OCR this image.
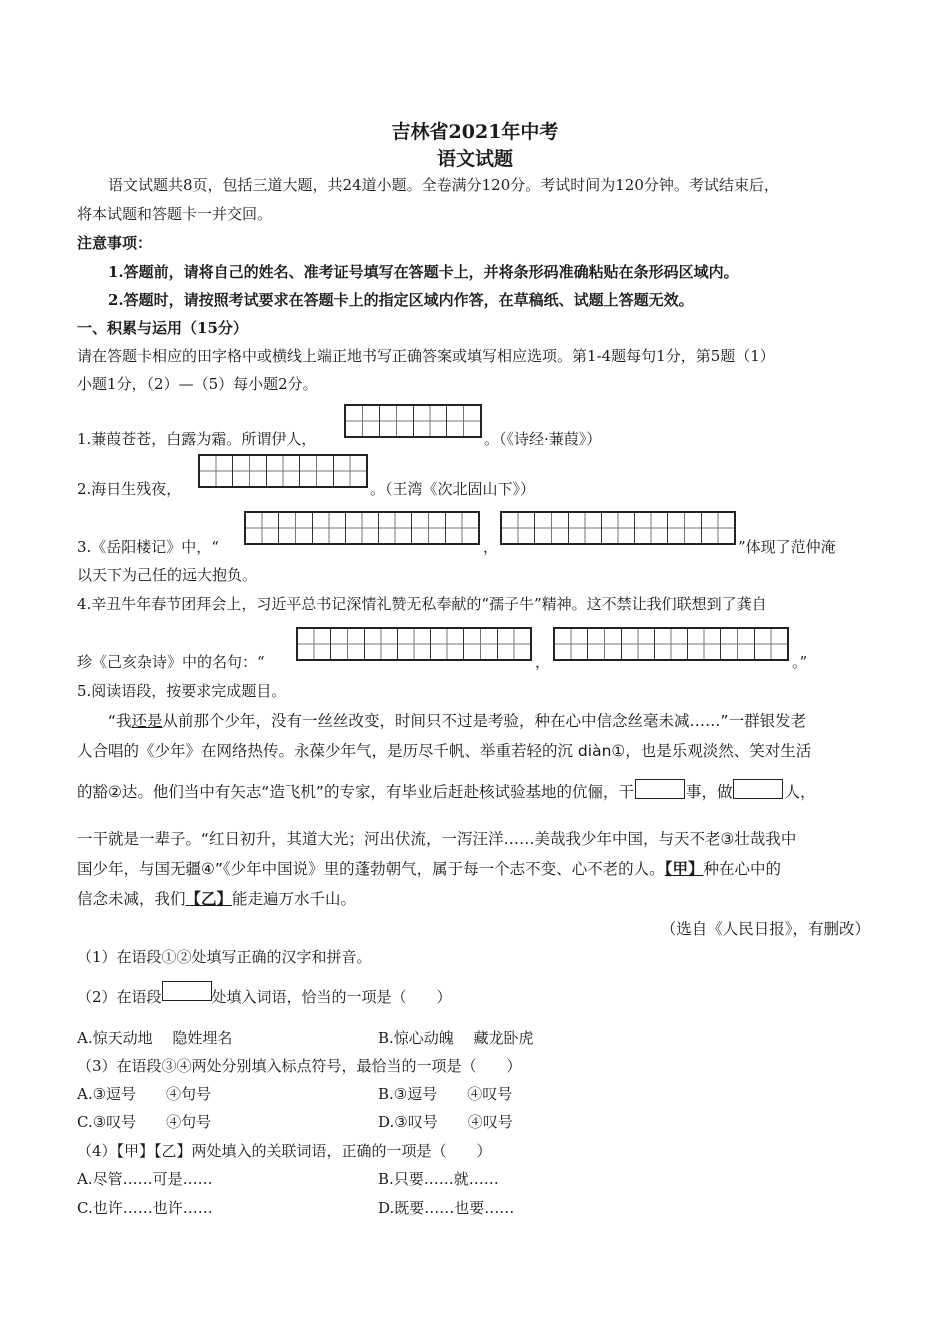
吉林省2021年中考
语文试题
语文试题共8页，包括三道大题，共24道小题。全卷满分120分。考试时间为120分钟。考试结束后，
将本试题和答题卡一并交回。
注意事项：
1.答题前，请将自己的姓名、准考证号填写在答题卡上，并将条形码准确粘贴在条形码区域内。
2.答题时，请按照考试要求在答题卡上的指定区域内作答，在草稿纸、试题上答题无效。
一、积累与运用（15分）
请在答题卡相应的田字格中或横线上端正地书写正确答案或填写相应选项。第1-4题每句1分，第5题（1）
小题1分，（2）—（5）每小题2分。
1.蒹葭苍苍，白露为霜。所谓伊人，	。（《诗经·蒹葭》）
2.海日生残夜，	。（王湾《次北固山下》）
3.《岳阳楼记》中，“	，	”体现了范仲淹
以天下为己任的远大抱负。
4.辛丑牛年春节团拜会上，习近平总书记深情礼赞无私奉献的“孺子牛”精神。这不禁让我们联想到了龚自
珍《己亥杂诗》中的名句：“	，	。”
5.阅读语段，按要求完成题目。
“我还是从前那个少年，没有一丝丝改变，时间只不过是考验，种在心中信念丝毫未减……”一群银发老
人合唱的《少年》在网络热传。永葆少年气，是历尽千帆、举重若轻的沉 diàn①，也是乐观淡然、笑对生活
的豁②达。他们当中有矢志“造飞机”的专家，有毕业后赶赴核试验基地的伉俪，干	事，做	人，
一干就是一辈子。“红日初升，其道大光；河出伏流，一泻汪洋……美哉我少年中国，与天不老③壮哉我中
国少年，与国无疆④”《少年中国说》里的蓬勃朝气，属于每一个志不变、心不老的人。【甲】种在心中的
信念未减，我们【乙】能走遍万水千山。
（选自《人民日报》，有删改）
（1）在语段①②处填写正确的汉字和拼音。
（2）在语段	处填入词语，恰当的一项是（　　）
A.惊天动地　 隐姓埋名	B.惊心动魄　 藏龙卧虎
（3）在语段③④两处分别填入标点符号，最恰当的一项是（　　）
A.③逗号　　④句号	B.③逗号　　④叹号
C.③叹号　　④句号	D.③叹号　　④叹号
（4）【甲】【乙】两处填入的关联词语，正确的一项是（　　）
A.尽管……可是……	B.只要……就……
C.也许……也许……	D.既要……也要……
